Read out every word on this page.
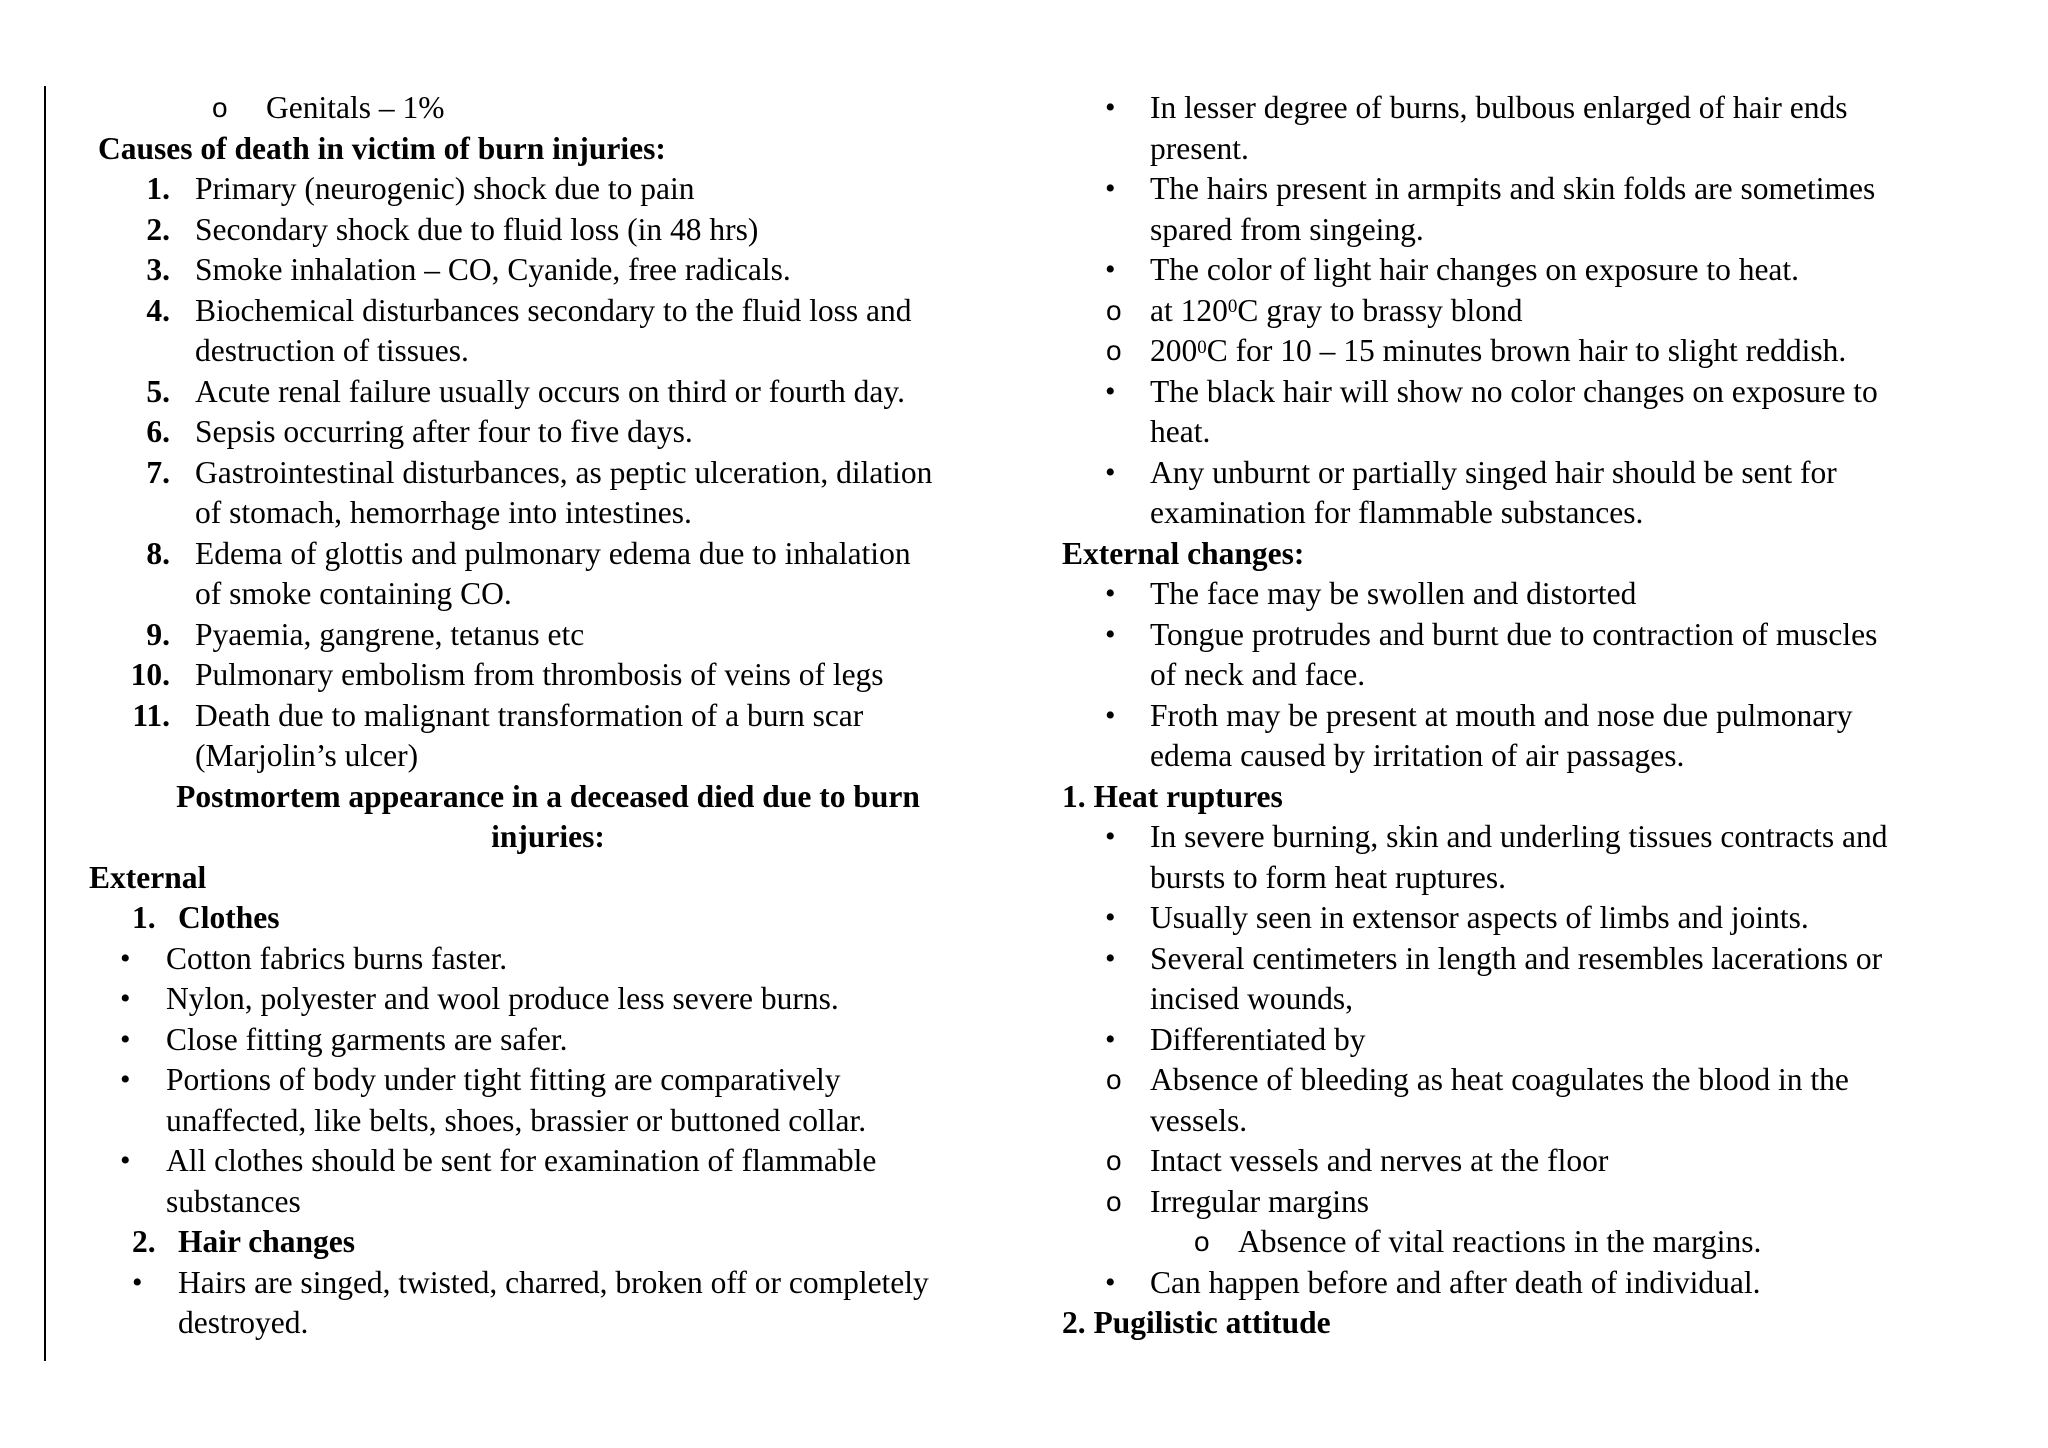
o Genitals – 1%
Causes of death in victim of burn injuries:
1. Primary (neurogenic) shock due to pain
2. Secondary shock due to fluid loss (in 48 hrs)
3. Smoke inhalation – CO, Cyanide, free radicals.
4. Biochemical disturbances secondary to the fluid loss and
destruction of tissues.
5. Acute renal failure usually occurs on third or fourth day.
6. Sepsis occurring after four to five days.
7. Gastrointestinal disturbances, as peptic ulceration, dilation
of stomach, hemorrhage into intestines.
8. Edema of glottis and pulmonary edema due to inhalation
of smoke containing CO.
9. Pyaemia, gangrene, tetanus etc
10. Pulmonary embolism from thrombosis of veins of legs
11. Death due to malignant transformation of a burn scar
(Marjolin’s ulcer)
Postmortem appearance in a deceased died due to burn
injuries:
External
1. Clothes
• Cotton fabrics burns faster.
• Nylon, polyester and wool produce less severe burns.
• Close fitting garments are safer.
• Portions of body under tight fitting are comparatively
unaffected, like belts, shoes, brassier or buttoned collar.
• All clothes should be sent for examination of flammable
substances
2. Hair changes
• Hairs are singed, twisted, charred, broken off or completely
destroyed.
• In lesser degree of burns, bulbous enlarged of hair ends
present.
• The hairs present in armpits and skin folds are sometimes
spared from singeing.
• The color of light hair changes on exposure to heat.
o at $120^0C$ gray to brassy blond
o $200^0C$ for 10 – 15 minutes brown hair to slight reddish.
• The black hair will show no color changes on exposure to
heat.
• Any unburnt or partially singed hair should be sent for
examination for flammable substances.
External changes:
• The face may be swollen and distorted
• Tongue protrudes and burnt due to contraction of muscles
of neck and face.
• Froth may be present at mouth and nose due pulmonary
edema caused by irritation of air passages.
1. Heat ruptures
• In severe burning, skin and underling tissues contracts and
bursts to form heat ruptures.
• Usually seen in extensor aspects of limbs and joints.
• Several centimeters in length and resembles lacerations or
incised wounds,
• Differentiated by
o Absence of bleeding as heat coagulates the blood in the
vessels.
o Intact vessels and nerves at the floor
o Irregular margins
o Absence of vital reactions in the margins.
• Can happen before and after death of individual.
2. Pugilistic attitude
